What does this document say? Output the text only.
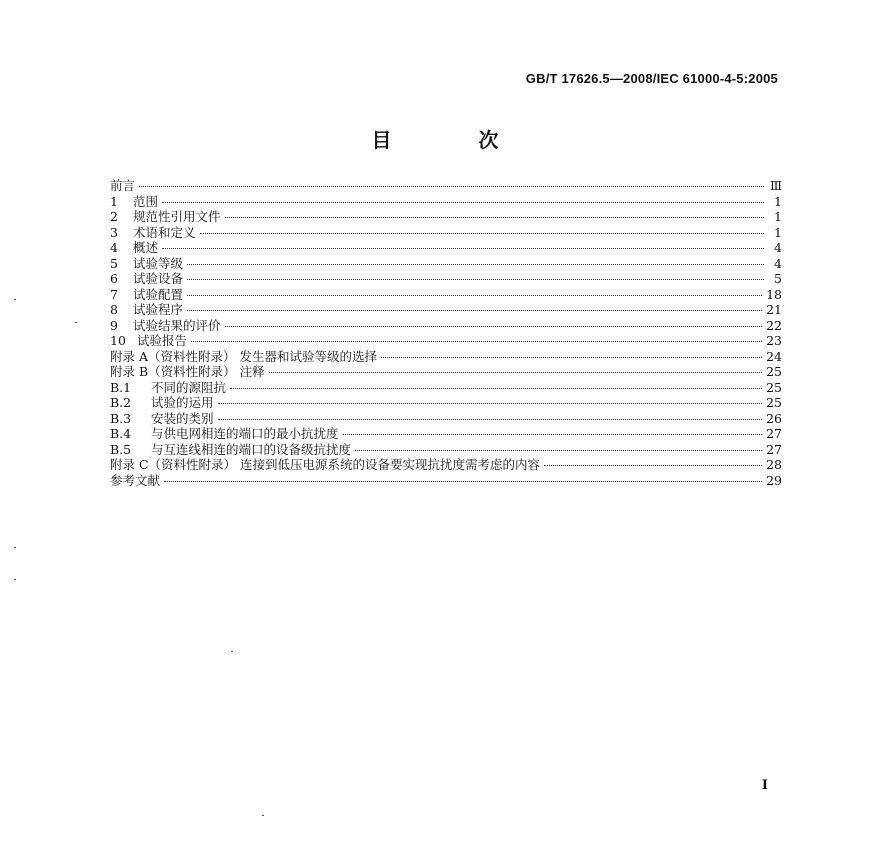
GB/T 17626.5—2008/IEC 61000-4-5:2005
目 次
前言	Ⅲ
1	范围	1
2	规范性引用文件	1
3	术语和定义	1
4	概述	4
5	试验等级	4
6	试验设备	5
7	试验配置	18
8	试验程序	21
9	试验结果的评价	22
10 试验报告	23
附录 A（资料性附录） 发生器和试验等级的选择	24
附录 B（资料性附录） 注释	25
B.1	不同的源阻抗	25
B.2	试验的运用	25
B.3	安装的类别	26
B.4	与供电网相连的端口的最小抗扰度	27
B.5	与互连线相连的端口的设备级抗扰度	27
附录 C（资料性附录） 连接到低压电源系统的设备要实现抗扰度需考虑的内容	28
参考文献	29
I
